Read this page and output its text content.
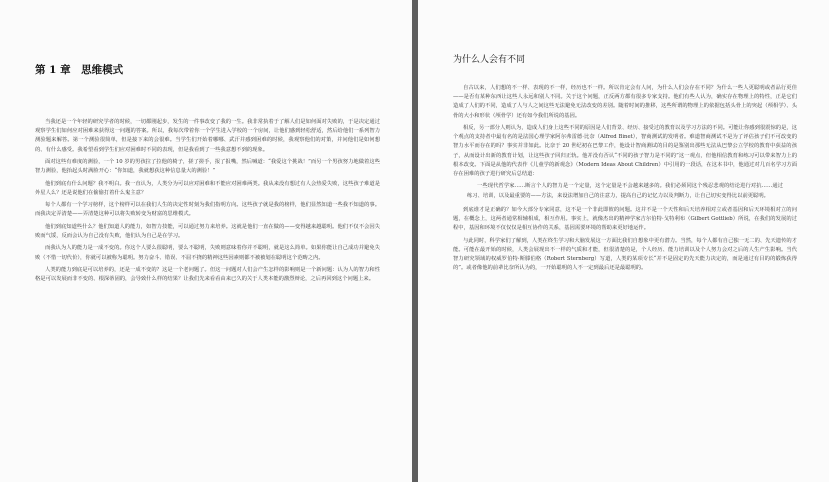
第 1 章　思维模式

当我还是一个年轻的研究学者的时候，一切都刚起步，发生的一件事改变了我的一生。我非常执着于了解人们是如何面对失败的，于是决定通过观察学生们如何应对困难来获得这一问题的答案。所以，我每次带着你一个学生进入学校的一个房间，让他们感到轻松舒适，然后给他们一系列智力测验题来解答。第一个测验很简单，但是接下来的会很难。当学生们开始着哪哪、武汗并感到困难的时候，我观察他们的对策，并问他们是如何想的、有什么感受。我希望看到学生们应对困难时不同的表现，但是我看到了一些我意想不到的现象。

面对这些有难度的测验，一个 10 岁的男孩拉了拉他的椅子，搓了搓手，报了报嘴，然后喊道：“我爱这个挑战！”而另一个男孩努力地做着这些智力测验，他抬起头时满脸开心：“你知道，我就想获这种信息量大的测验！”

他们到底有什么问题？我不明白。我一直认为，人类分为可以应对困难和不能应对困难两类。我从来没有想过有人会热爱失败，这些孩子难道是外星人么？还是说他们在偷偷打着什么鬼主意？

每个人都有一个学习榜样，这个榜样可以在我们人生的决定性时刻为我们指明方向。这些孩子就是我的榜样，他们显然知道一些我不知道的事。而我决定弄清楚——弄清楚这种可以将失败转变为财富的思维模式。

他们到底知道些什么？他们知道人的能力，如智力技能，可以通过努力来培养。这就是他们一直在做的——变得越来越聪明。他们不仅不会因失败而气馁，反而会认为自己没有失败，他们认为自己是在学习。

而我认为人的能力是一成不变的。你这个人要么很聪明，要么不聪明，失败则意味着你并不聪明，就是这么简单。如果你能让自己成功并避免失败（不惜一切代价），你就可以被称为聪明。努力奋斗、错误、不屈不挠的精神这些因素则都不被被划在聪明这个范畴之内。

人类的能力到底是可以培养的，还是一成不变的？这是一个老问题了。但这一问题对人们会产生怎样的影响则是一个新问题：认为人的智力和性格是可以发展而非不变的、根深蒂固的，会导致什么样的结果？让我们先来看看由来已久的关于人类本能的激烈辩论，之后再回到这个问题上来。

为什么人会有不同

自古以来，人们想的不一样、表现的不一样，经历也不一样。所以肯定会有人问，为什么人们会存在不同？为什么一些人更聪明或者品行更佳——是否有某种东西让这些人永远和别人不同。关于这个问题，正反两方都有很多专家支持。他们有些人认为，确实存在物理上的特性，正是它们造成了人们的不同，造成了人与人之间这些无法避免无法改变的差别。随着时间的推移，这些所谓的物理上的依据包括头骨上的突起（颅相学）、头骨的大小和形状（颅骨学）还有如今我们所说的基因。

相反，另一部分人则认为，造成人们身上这些不同的原因是人们背景、经历、接受过的教育以及学习方法的不同。可能让你感到很震惊的是，这个观点的支持者中最有名的是法国心理学家阿尔弗雷德·比奈（Alfred Binet），智商测试的发明者。难道智商测试不是为了评估孩子们不可改变的智力水平而存在的吗？事实并非如此。比奈于 20 世纪初在巴黎工作，他设计智商测试的目的是鉴别出那些无法从巴黎公立学校的教育中获益的孩子，从而设计出新的教育计划，让这些孩子回归正轨。他并没有否认“不同的孩子智力是不同的”这一观点，但他相信教育和练习可以带来智力上的根本改变。下面是从他的代表作《儿童学的新观念》（Modern Ideas About Children）中引用的一段话，在这本书中，他通过对几百名学习方面存在困难的孩子进行研究后总结道：

一些现代哲学家……断言个人的智力是一个定量，这个定量是不会越来越多的。我们必须同这个残忍悲观的结论进行对抗……通过练习、培训，以及最重要的——方法，来设法增加自己的注意力，提高自己的记忆力以及判断力，让自己切实变得比以前更聪明。

到底谁才是正确的？如今大部分专家同意，这不是一个非此即彼的问题。这并不是一个天性和后天培养相对立或者基因和后天环境相对立的问题，在概念上，这两者通常相辅相成，相互作用。事实上，就像杰出的精神学家吉尔伯特·戈特利布（Gilbert Gottlieb）所说，在我们的发展的过程中，基因和环境不仅仅仅是相互协作的关系，基因需要环境的帮助来更好地运作。

与此同时，科学家们了解到，人类在终生学习和大脑发展这一方面比我们自想象中更有潜力。当然，每个人都有自己独一无二的、先天遗传的才能。可能在最开始的时候，人类会展现出不一样的气质和才能，但很清楚的是，个人经历、能力培训以及个人努力会对之后的人生产生影响。当代智力研究领域的权威罗伯特·斯滕伯格（Robert Sternberg）写道，人类的某项专长“并不是固定的先天能力决定的，而是通过有目的的锻炼获得的”。或者像他的前辈比奈所认为的，一开始聪明的人不一定到最后还是最聪明的。
